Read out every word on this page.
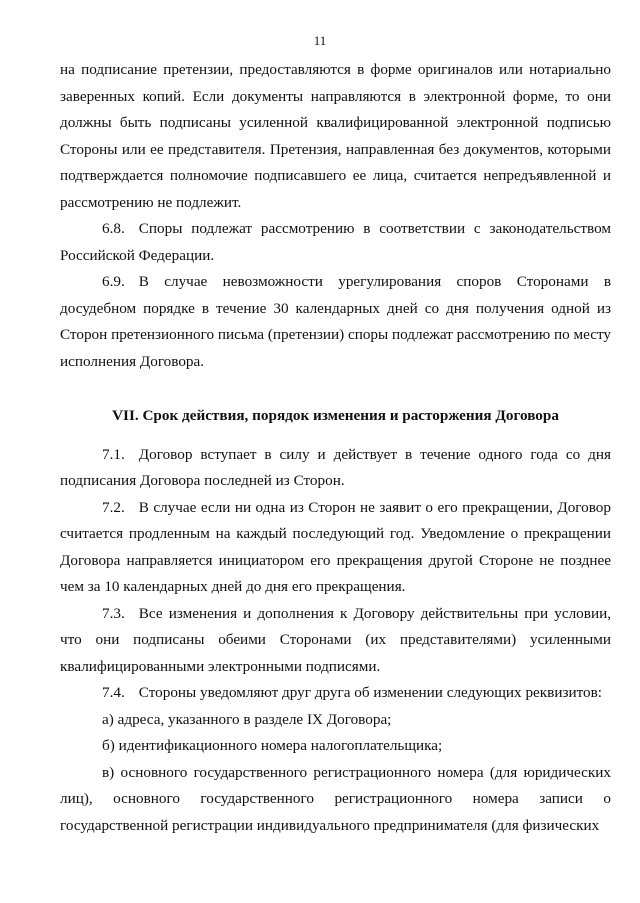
11

на подписание претензии, предоставляются в форме оригиналов или нотариально заверенных копий. Если документы направляются в электронной форме, то они должны быть подписаны усиленной квалифицированной электронной подписью Стороны или ее представителя. Претензия, направленная без документов, которыми подтверждается полномочие подписавшего ее лица, считается непредъявленной и рассмотрению не подлежит.

6.8. Споры подлежат рассмотрению в соответствии с законодательством Российской Федерации.

6.9. В случае невозможности урегулирования споров Сторонами в досудебном порядке в течение 30 календарных дней со дня получения одной из Сторон претензионного письма (претензии) споры подлежат рассмотрению по месту исполнения Договора.

VII. Срок действия, порядок изменения и расторжения Договора

7.1. Договор вступает в силу и действует в течение одного года со дня подписания Договора последней из Сторон.

7.2. В случае если ни одна из Сторон не заявит о его прекращении, Договор считается продленным на каждый последующий год. Уведомление о прекращении Договора направляется инициатором его прекращения другой Стороне не позднее чем за 10 календарных дней до дня его прекращения.

7.3. Все изменения и дополнения к Договору действительны при условии, что они подписаны обеими Сторонами (их представителями) усиленными квалифицированными электронными подписями.

7.4. Стороны уведомляют друг друга об изменении следующих реквизитов:

а) адреса, указанного в разделе IX Договора;

б) идентификационного номера налогоплательщика;

в) основного государственного регистрационного номера (для юридических лиц), основного государственного регистрационного номера записи о государственной регистрации индивидуального предпринимателя (для физических
